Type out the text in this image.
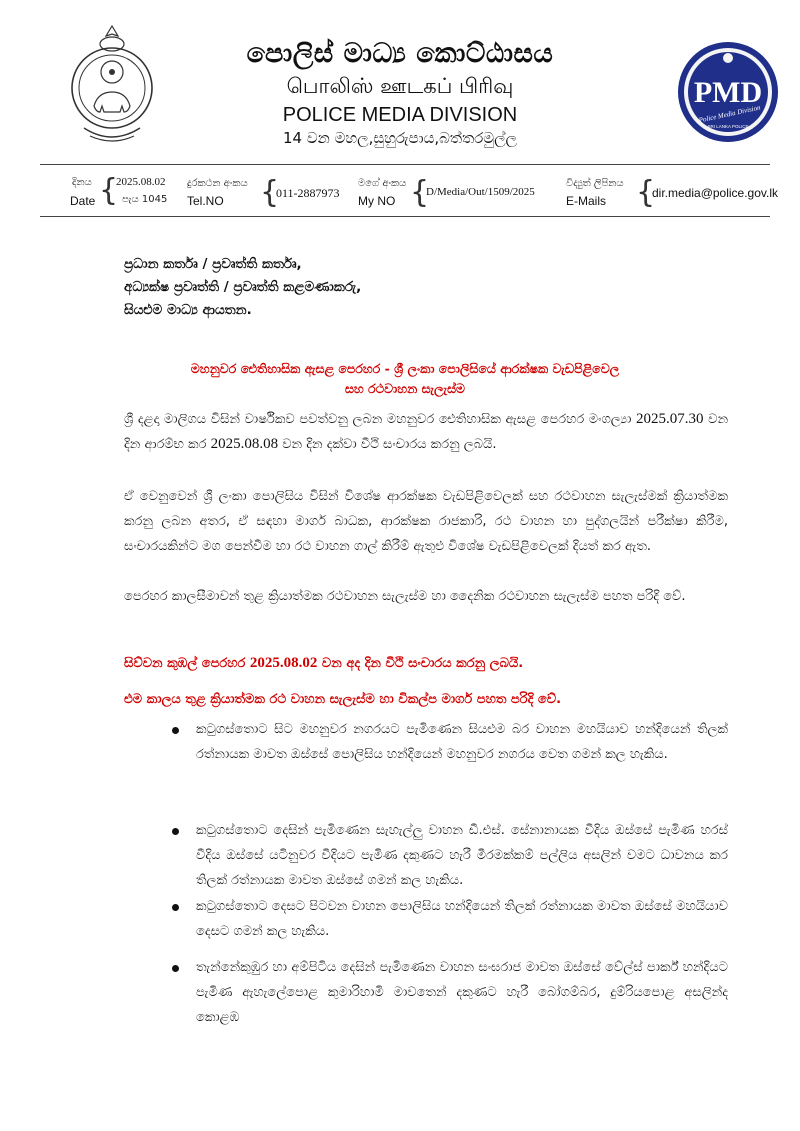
පොලිස් මාධ්‍ය කොට්ඨාසය
பொலிஸ் ஊடகப் பிரிவு
POLICE MEDIA DIVISION
14 වන මහල,සුහුරුපාය,බත්තරමුල්ල
PMD
Police Media Division
SRI LANKA POLICE
දිනය
Date {
2025.08.02
පැය 1045
දුරකථන අංකය
Tel.NO {
011-2887973
මගේ අංකය
My NO {
D/Media/Out/1509/2025
විද්‍යුත් ලිපිනය
E-Mails {
dir.media@police.gov.lk
ප්‍රධාන කර්තෘ / ප්‍රවෘත්ති කර්තෘ,
අධ්‍යක්ෂ ප්‍රවෘත්ති / ප්‍රවෘත්ති කළමණාකරු,
සියළුම මාධ්‍ය ආයතන.
මහනුවර ඓතිහාසික ඇසළ පෙරහර - ශ්‍රී ලංකා පොලිසියේ ආරක්ෂක වැඩපිළිවෙල
සහ රථවාහන සැලැස්ම
ශ්‍රී දළදා මාලිගය විසින් වාර්ෂිකව පවත්වනු ලබන මහනුවර ඓතිහාසික ඇසළ පෙරහර මංගල්‍යා 2025.07.30 වන දින ආරම්භ කර 2025.08.08 වන දින දක්වා වීථි සංචාරය කරනු ලබයි.
ඒ වෙනුවෙන් ශ්‍රී ලංකා පොලිසිය විසින් විශේෂ ආරක්ෂක වැඩපිළිවෙලක් සහ රථවාහන සැලැස්මක් ක්‍රියාත්මක කරනු ලබන අතර, ඒ සඳහා මාර්ග බාධක, ආරක්ෂක රාජකාරි, රථ වාහන හා පුද්ගලයින් පරීක්ෂා කිරීම, සංචාරයකින්ට මග පෙන්වීම හා රථ වාහන ගාල් කිරීම් ඇතුළු විශේෂ වැඩපිළිවෙලක් දියත් කර ඇත.
පෙරහර කාලසීමාවන් තුළ ක්‍රියාත්මක රථවාහන සැලැස්ම හා දෛනික රථවාහන සැලැස්ම පහත පරිදි වේ.
සිව්වන කුඹල් පෙරහර 2025.08.02 වන අද දින වීථි සංචාරය කරනු ලබයි.
එම කාලය තුළ ක්‍රියාත්මක රථ වාහන සැලැස්ම හා විකල්ප මාර්ග පහත පරිදි වේ.
කටුගස්තොට සිට මහනුවර නගරයට පැමිණෙන සියළුම බර වාහන මහයියාව හන්දියෙන් තිලක් රත්නායක මාවත ඔස්සේ පොලිසිය හන්දියෙන් මහනුවර නගරය වෙත ගමන් කල හැකිය.
කටුගස්තොට දෙසින් පැමිණෙන සැහැල්ලු වාහන ඩී.එස්. සේනානායක වීදිය ඔස්සේ පැමිණ හරස් වීදිය ඔස්සේ යටිනුවර වීදියට පැමිණ දකුණට හැරී මීරමක්කම් පල්ලිය අසලින් වමට ධාවනය කර තිලක් රත්නායක මාවත ඔස්සේ ගමන් කල හැකිය.
කටුගස්තොට දෙසට පිටවන වාහන පොලිසිය හන්දියෙන් තිලක් රත්නායක මාවත ඔස්සේ මහයියාව දෙසට ගමන් කල හැකිය.
තැන්නේකුඹුර හා අම්පිටිය දෙසින් පැමිණෙන වාහන සංඝරාජ මාවත ඔස්සේ වේල්ස් පාර්ක් හන්දියට පැමිණ ඇහැලේපොළ කුමාරිහාමි මාවතෙන් දකුණට හැරී බෝගම්බර, දුම්රියපොළ අසලින්ද කොළඹ
